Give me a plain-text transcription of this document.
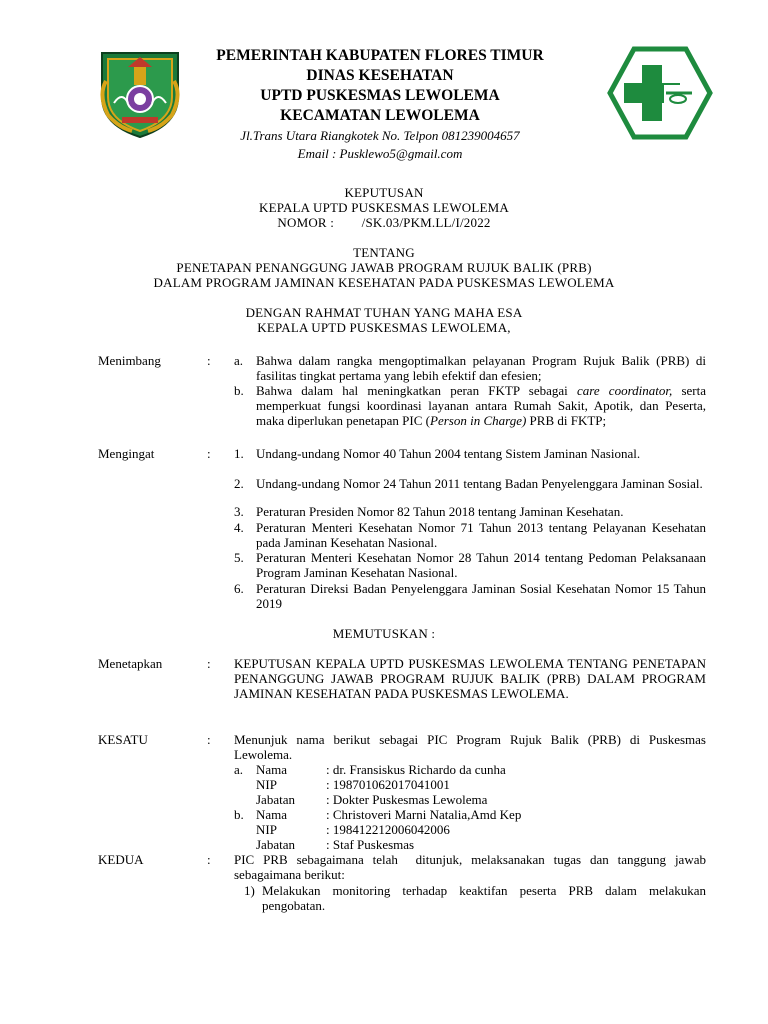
PEMERINTAH KABUPATEN FLORES TIMUR
DINAS KESEHATAN
UPTD PUSKESMAS LEWOLEMA
KECAMATAN LEWOLEMA
Jl.Trans Utara Riangkotek No. Telpon 081239004657
Email : Pusklewo5@gmail.com
KEPUTUSAN
KEPALA UPTD PUSKESMAS LEWOLEMA
NOMOR :        /SK.03/PKM.LL/I/2022
TENTANG
PENETAPAN PENANGGUNG JAWAB PROGRAM RUJUK BALIK (PRB)
DALAM PROGRAM JAMINAN KESEHATAN PADA PUSKESMAS LEWOLEMA
DENGAN RAHMAT TUHAN YANG MAHA ESA
KEPALA UPTD PUSKESMAS LEWOLEMA,
Menimbang	: a. Bahwa dalam rangka mengoptimalkan pelayanan Program Rujuk Balik (PRB) di fasilitas tingkat pertama yang lebih efektif dan efesien;
b. Bahwa dalam hal meningkatkan peran FKTP sebagai care coordinator, serta memperkuat fungsi koordinasi layanan antara Rumah Sakit, Apotik, dan Peserta, maka diperlukan penetapan PIC (Person in Charge) PRB di FKTP;
Mengingat	: 1. Undang-undang Nomor 40 Tahun 2004 tentang Sistem Jaminan Nasional.
2. Undang-undang Nomor 24 Tahun 2011 tentang Badan Penyelenggara Jaminan Sosial.
3. Peraturan Presiden Nomor 82 Tahun 2018 tentang Jaminan Kesehatan.
4. Peraturan Menteri Kesehatan Nomor 71 Tahun 2013 tentang Pelayanan Kesehatan pada Jaminan Kesehatan Nasional.
5. Peraturan Menteri Kesehatan Nomor 28 Tahun 2014 tentang Pedoman Pelaksanaan Program Jaminan Kesehatan Nasional.
6. Peraturan Direksi Badan Penyelenggara Jaminan Sosial Kesehatan Nomor 15 Tahun 2019
MEMUTUSKAN :
Menetapkan	: KEPUTUSAN KEPALA UPTD PUSKESMAS LEWOLEMA TENTANG PENETAPAN PENANGGUNG JAWAB PROGRAM RUJUK BALIK (PRB) DALAM PROGRAM JAMINAN KESEHATAN PADA PUSKESMAS LEWOLEMA.
KESATU	: Menunjuk nama berikut sebagai PIC Program Rujuk Balik (PRB) di Puskesmas Lewolema.
a. Nama	: dr. Fransiskus Richardo da cunha
NIP	: 198701062017041001
Jabatan : Dokter Puskesmas Lewolema
b. Nama	: Christoveri Marni Natalia,Amd Kep
NIP	: 198412212006042006
Jabatan : Staf Puskesmas
KEDUA	: PIC PRB sebagaimana telah  ditunjuk, melaksanakan tugas dan tanggung jawab sebagaimana berikut:
1) Melakukan monitoring terhadap keaktifan peserta PRB dalam melakukan pengobatan.
